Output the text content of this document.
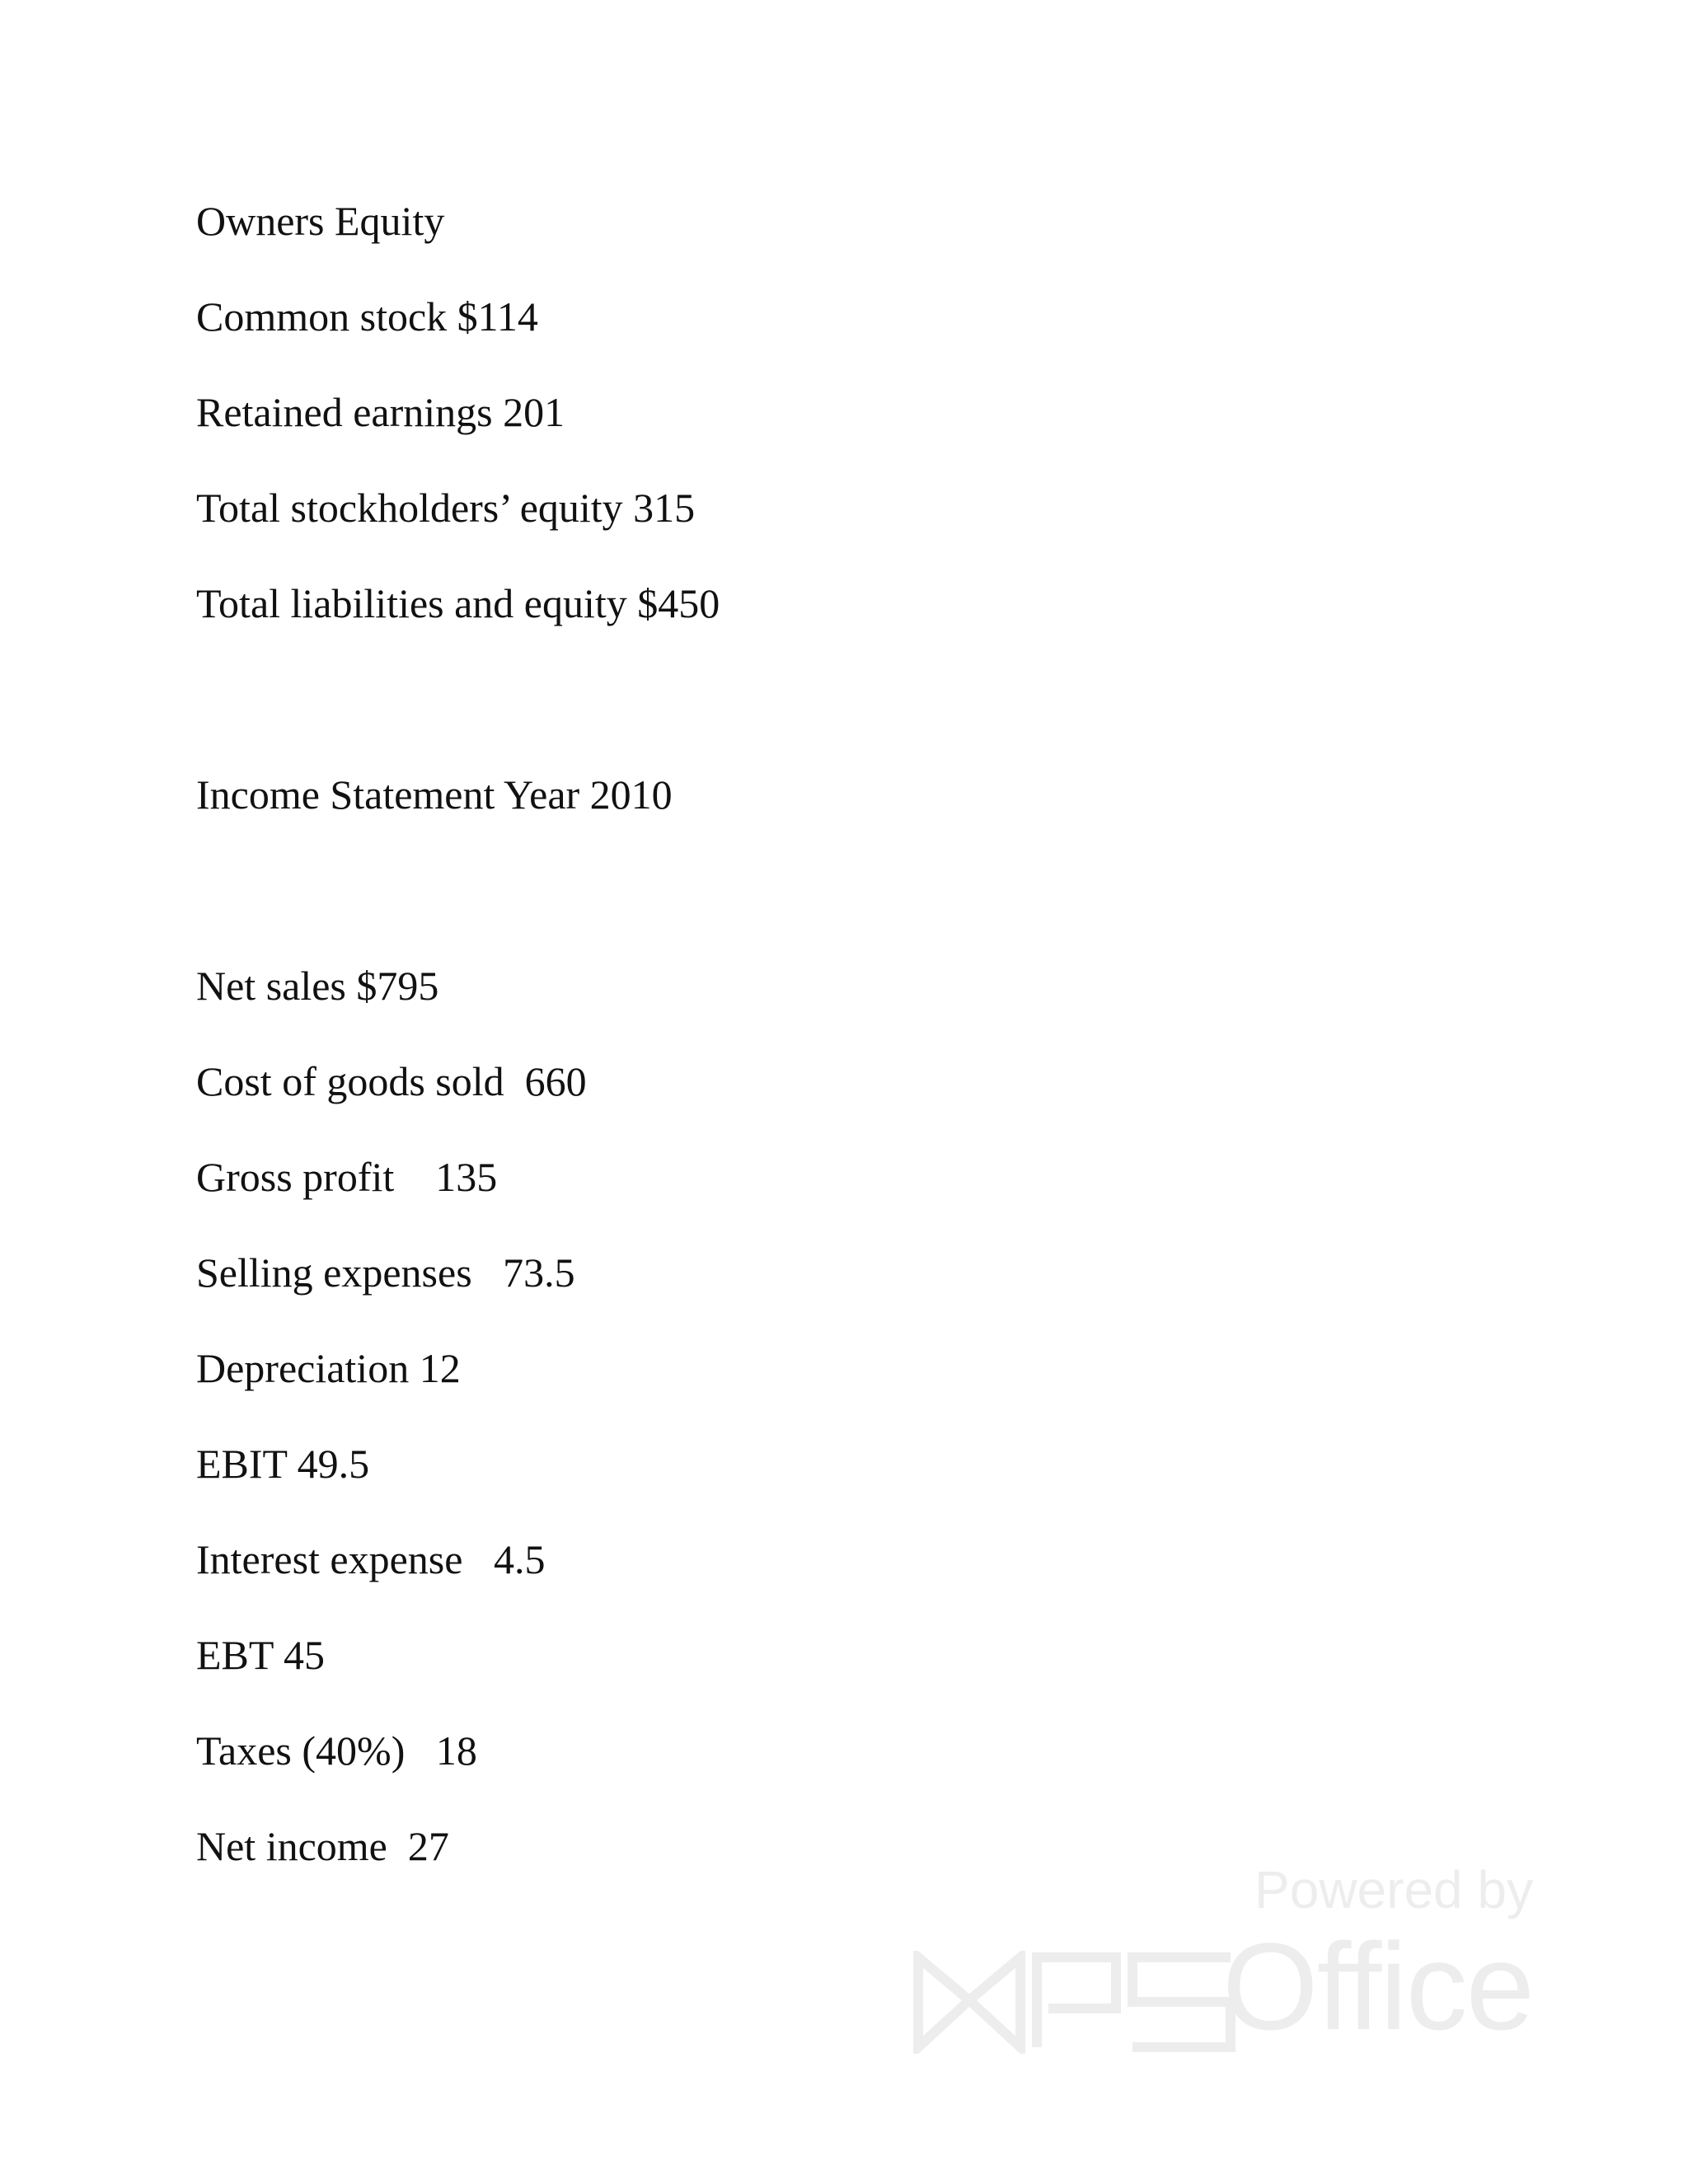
Owners Equity

Common stock $114

Retained earnings 201

Total stockholders’ equity 315

Total liabilities and equity $450

Income Statement Year 2010

Net sales $795

Cost of goods sold  660

Gross profit    135

Selling expenses   73.5

Depreciation 12

EBIT 49.5

Interest expense   4.5

EBT 45

Taxes (40%)   18

Net income  27

Powered by
Office
